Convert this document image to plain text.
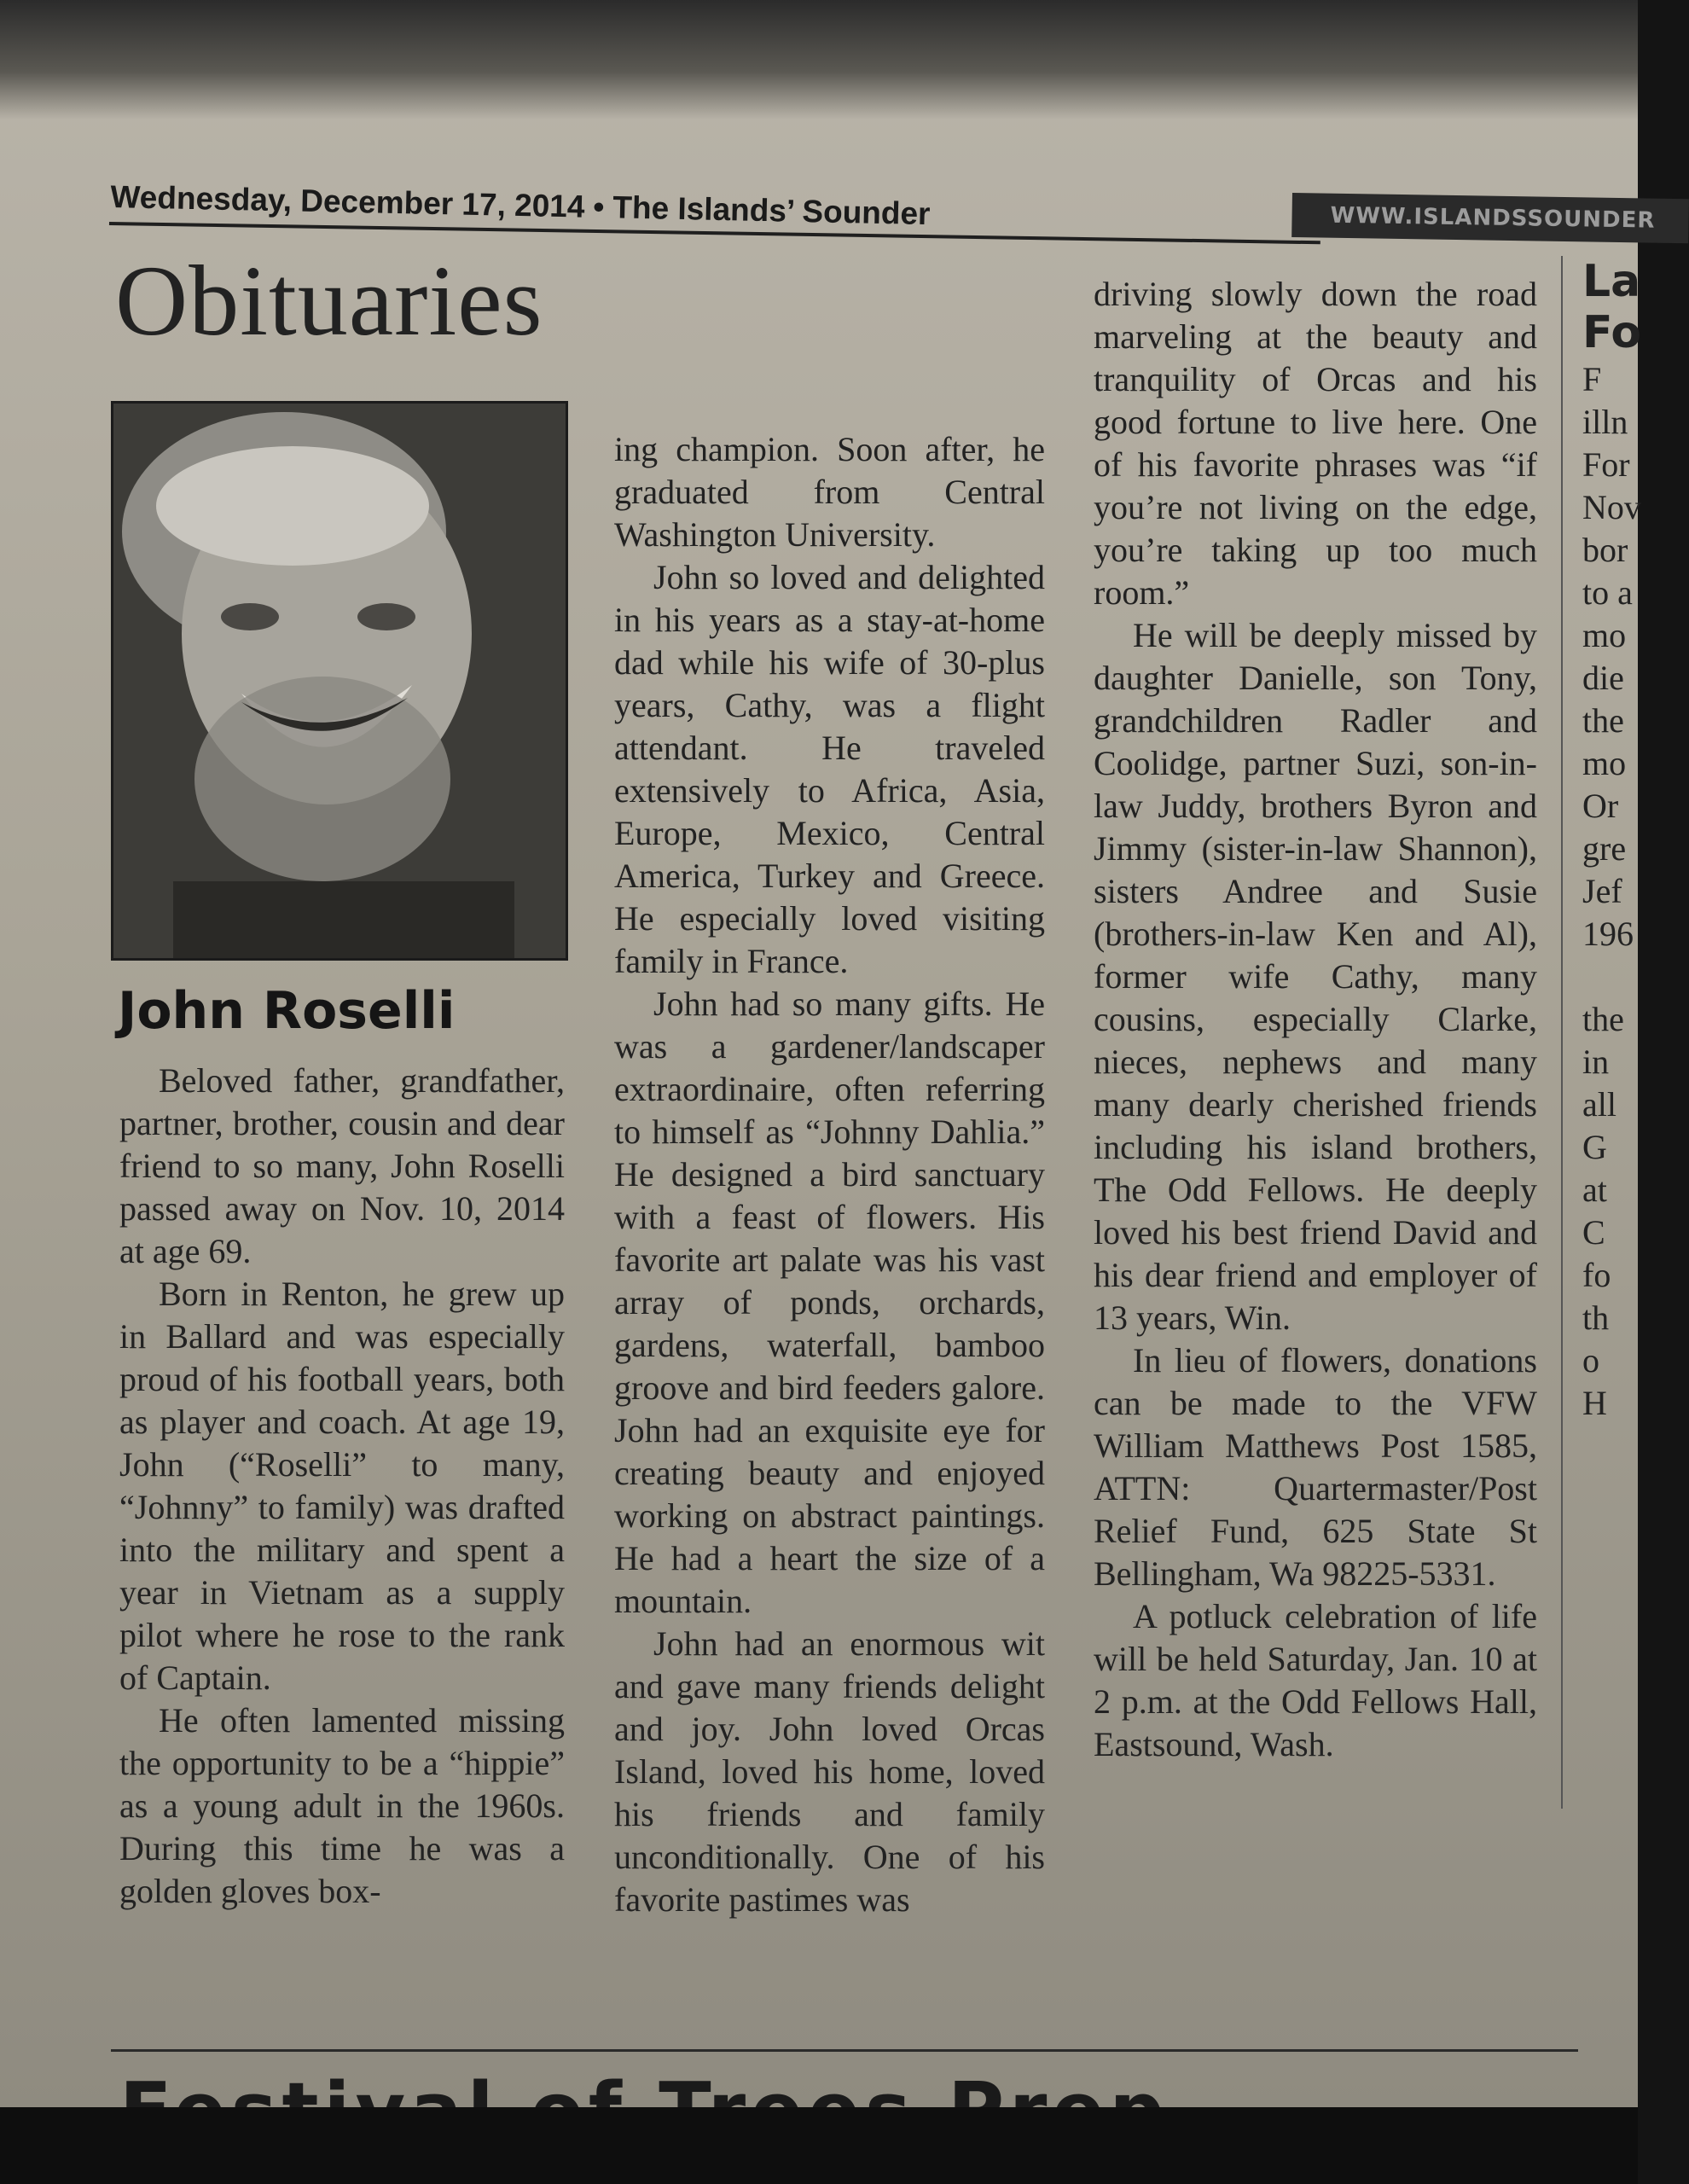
Wednesday, December 17, 2014 • The Islands’ Sounder	WWW.ISLANDSSOUNDER
Obituaries
John Roselli

Beloved father, grandfather, partner, brother, cousin and dear friend to so many, John Roselli passed away on Nov. 10, 2014 at age 69.

Born in Renton, he grew up in Ballard and was especially proud of his football years, both as player and coach. At age 19, John (“Roselli” to many, “Johnny” to family) was drafted into the military and spent a year in Vietnam as a supply pilot where he rose to the rank of Captain.

He often lamented missing the opportunity to be a “hippie” as a young adult in the 1960s. During this time he was a golden gloves box-

ing champion. Soon after, he graduated from Central Washington University.

John so loved and delighted in his years as a stay-at-home dad while his wife of 30-plus years, Cathy, was a flight attendant. He traveled extensively to Africa, Asia, Europe, Mexico, Central America, Turkey and Greece. He especially loved visiting family in France.

John had so many gifts. He was a gardener/landscaper extraordinaire, often referring to himself as “Johnny Dahlia.” He designed a bird sanctuary with a feast of flowers. His favorite art palate was his vast array of ponds, orchards, gardens, waterfall, bamboo groove and bird feeders galore. John had an exquisite eye for creating beauty and enjoyed working on abstract paintings. He had a heart the size of a mountain.

John had an enormous wit and gave many friends delight and joy. John loved Orcas Island, loved his home, loved his friends and family unconditionally. One of his favorite pastimes was

driving slowly down the road marveling at the beauty and tranquility of Orcas and his good fortune to live here. One of his favorite phrases was “if you’re not living on the edge, you’re taking up too much room.”

He will be deeply missed by daughter Danielle, son Tony, grandchildren Radler and Coolidge, partner Suzi, son-in-law Juddy, brothers Byron and Jimmy (sister-in-law Shannon), sisters Andree and Susie (brothers-in-law Ken and Al), former wife Cathy, many cousins, especially Clarke, nieces, nephews and many many dearly cherished friends including his island brothers, The Odd Fellows. He deeply loved his best friend David and his dear friend and employer of 13 years, Win.

In lieu of flowers, donations can be made to the VFW William Matthews Post 1585, ATTN: Quartermaster/Post Relief Fund, 625 State St Bellingham, Wa 98225-5331.

A potluck celebration of life will be held Saturday, Jan. 10 at 2 p.m. at the Odd Fellows Hall, Eastsound, Wash.

La
Fo
F
illn
For
Nov
bor
to a
mo
die
the
mo
Or
gre
Jef
196
the
in
all
G
at
C
fo
th
o
H
